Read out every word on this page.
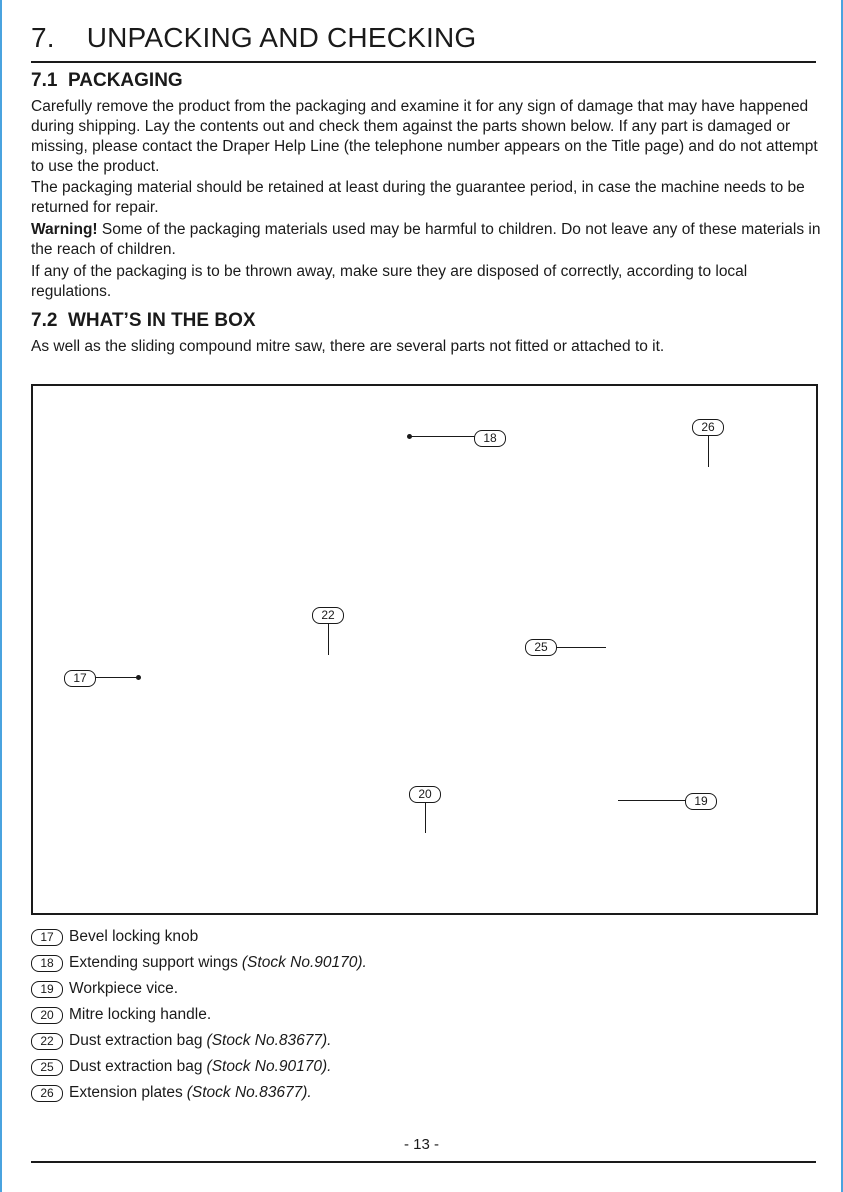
7. UNPACKING AND CHECKING
7.1 PACKAGING

Carefully remove the product from the packaging and examine it for any sign of damage that may have happened during shipping. Lay the contents out and check them against the parts shown below. If any part is damaged or missing, please contact the Draper Help Line (the telephone number appears on the Title page) and do not attempt to use the product.

The packaging material should be retained at least during the guarantee period, in case the machine needs to be returned for repair.

Warning! Some of the packaging materials used may be harmful to children. Do not leave any of these materials in the reach of children.

If any of the packaging is to be thrown away, make sure they are disposed of correctly, according to local regulations.

7.2 WHAT’S IN THE BOX

As well as the sliding compound mitre saw, there are several parts not fitted or attached to it.

18
26
22
25
17
20	19
17 Bevel locking knob
18 Extending support wings (Stock No.90170).
19 Workpiece vice.
20 Mitre locking handle.
22 Dust extraction bag (Stock No.83677).
25 Dust extraction bag (Stock No.90170).
26 Extension plates (Stock No.83677).
- 13 -
